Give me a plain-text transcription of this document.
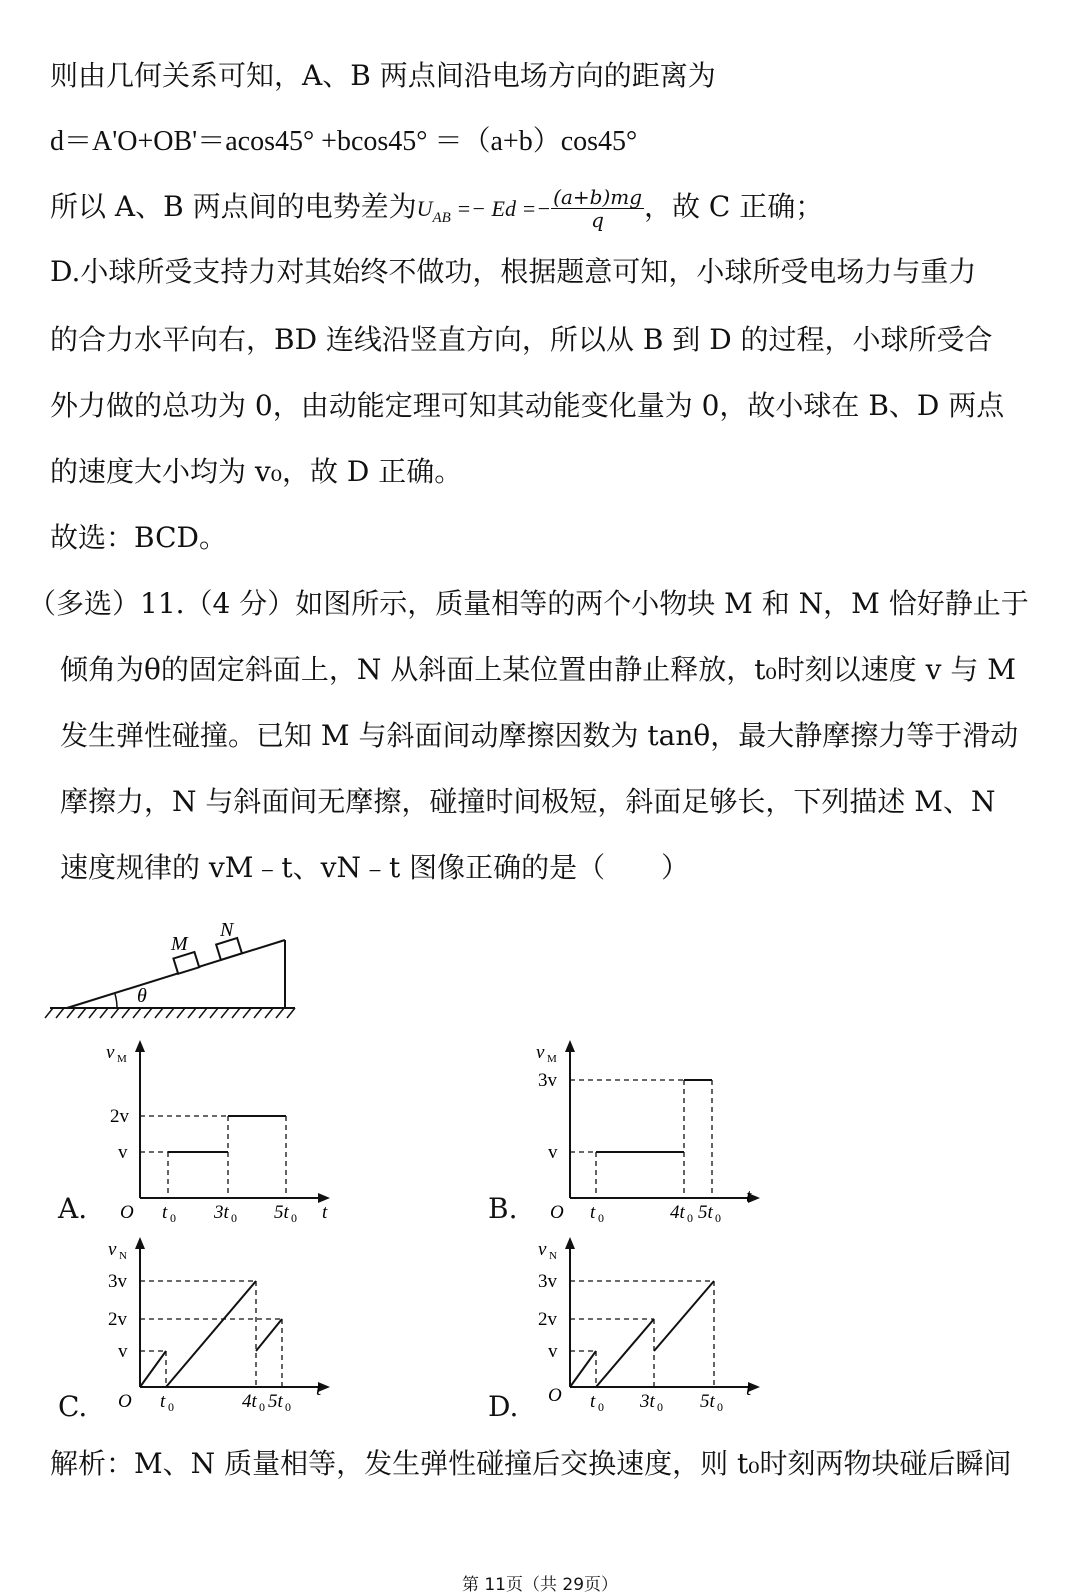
则由几何关系可知，A、B 两点间沿电场方向的距离为
d＝A'O+OB'＝acos45° +bcos45° ＝（a+b）cos45°
所以 A、B 两点间的电势差为$U_{AB} =- Ed =- \frac{(a+b)mg}{q}$ ，故 C 正确；
D.小球所受支持力对其始终不做功，根据题意可知，小球所受电场力与重力
的合力水平向右，BD 连线沿竖直方向，所以从 B 到 D 的过程，小球所受合
外力做的总功为 0，由动能定理可知其动能变化量为 0，故小球在 B、D 两点
的速度大小均为 v₀，故 D 正确。
故选：BCD。
（多选）11.（4 分）如图所示，质量相等的两个小物块 M 和 N，M 恰好静止于
倾角为θ的固定斜面上，N 从斜面上某位置由静止释放，t₀时刻以速度 v 与 M
发生弹性碰撞。已知 M 与斜面间动摩擦因数为 tanθ，最大静摩擦力等于滑动
摩擦力，N 与斜面间无摩擦，碰撞时间极短，斜面足够长，下列描述 M、N
速度规律的 vM﹣t、vN﹣t 图像正确的是（　　）
θ
M
N
v M
O	t
2v
v
t 0 3t 0 5t 0
A.
v M
O
t
3v
v
t 0	4t 0 5t 0
B.
v N
O
t
3v
2v
v
t 0	4t 0 5t 0
C.
v N
O	t
3v
2v
v
t 0 3t 0 5t 0
D.
解析：M、N 质量相等，发生弹性碰撞后交换速度，则 t₀时刻两物块碰后瞬间
第 11页（共 29页）
